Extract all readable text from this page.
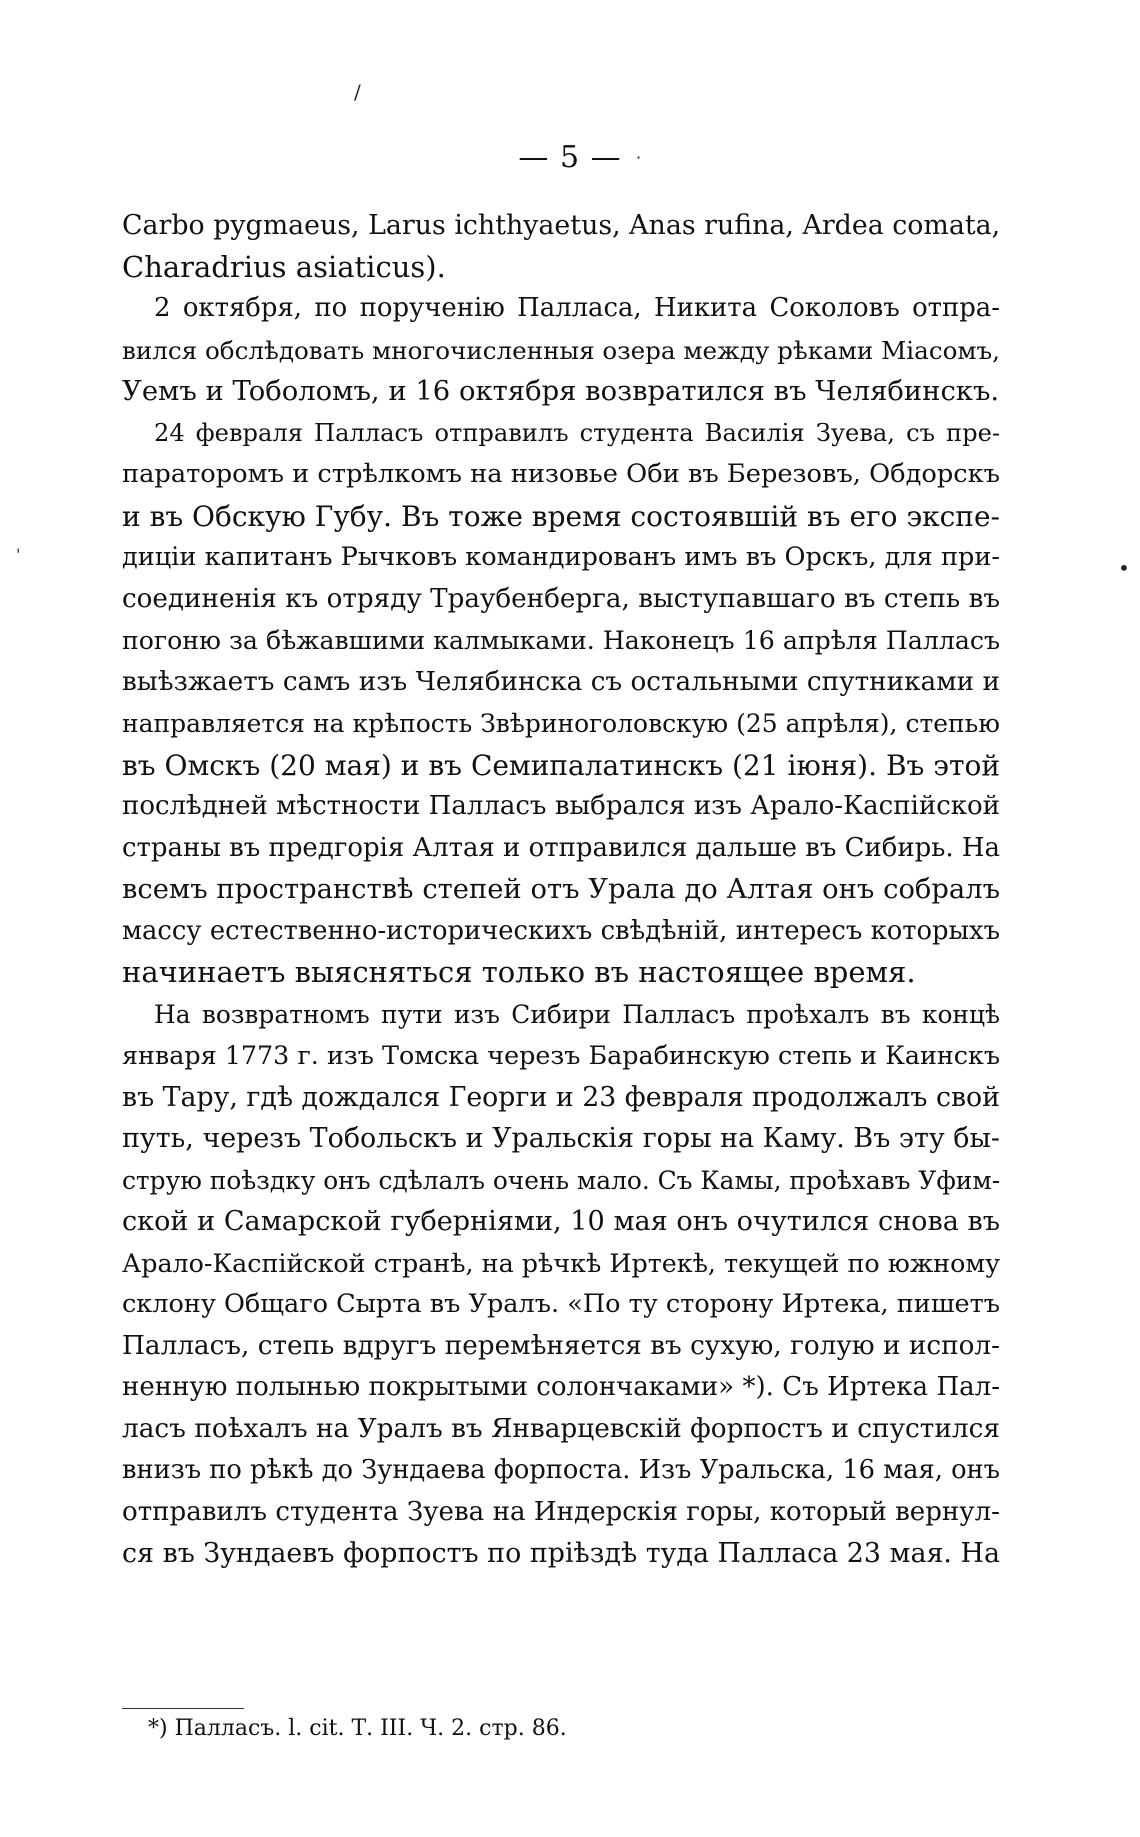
/
·
•
'
— 5 —
Carbo pygmaeus, Larus ichthyaetus, Anas rufina, Ardea comata,
Charadrius asiaticus).
2 октября, по порученію Палласа, Никита Соколовъ отпра-
вился обслѣдовать многочисленныя озера между рѣками Міасомъ,
Уемъ и Toболомъ, и 16 октября возвратился въ Челябинскъ.
24 февраля Палласъ отправилъ студента Василія Зуева, съ пре-
параторомъ и стрѣлкомъ на низовье Оби въ Березовъ, Обдорскъ
и въ Обскую Губу. Въ тоже время состоявшій въ его экспе-
диціи капитанъ Рычковъ командированъ имъ въ Орскъ, для при-
соединенія къ отряду Траубенберга, выступавшаго въ степь въ
погоню за бѣжавшими калмыками. Наконецъ 16 апрѣля Палласъ
выѣзжаетъ самъ изъ Челябинска съ остальными спутниками и
направляется на крѣпость Звѣриноголовскую (25 апрѣля), степью
въ Омскъ (20 мая) и въ Семипалатинскъ (21 іюня). Въ этой
послѣдней мѣстности Палласъ выбрался изъ Арало-Каспійской
страны въ предгорія Алтая и отправился дальше въ Сибирь. На
всемъ пространствѣ степей отъ Урала до Алтая онъ собралъ
массу естественно-историческихъ свѣдѣній, интересъ которыхъ
начинаетъ выясняться только въ настоящее время.
На возвратномъ пути изъ Сибири Палласъ проѣхалъ въ концѣ
января 1773 г. изъ Томска черезъ Барабинскую степь и Каинскъ
въ Тару, гдѣ дождался Георги и 23 февраля продолжалъ свой
путь, черезъ Тобольскъ и Уральскія горы на Каму. Въ эту бы-
струю поѣздку онъ сдѣлалъ очень мало. Съ Камы, проѣхавъ Уфим-
ской и Самарской губерніями, 10 мая онъ очутился снова въ
Арало-Каспійской странѣ, на рѣчкѣ Иртекѣ, текущей по южному
склону Общаго Сырта въ Уралъ. «По ту сторону Иртека, пишетъ
Палласъ, степь вдругъ перемѣняется въ сухую, голую и испол-
ненную полынью покрытыми солончаками» *). Съ Иртека Пал-
ласъ поѣхалъ на Уралъ въ Январцевскій форпостъ и спустился
внизъ по рѣкѣ до Зундаева форпоста. Изъ Уральска, 16 мая, онъ
отправилъ студента Зуева на Индерскія горы, который вернул-
ся въ Зундаевъ форпостъ по пріѣздѣ туда Палласа 23 мая. На
*) Палласъ. l. cit. Т. III. Ч. 2. стр. 86.
